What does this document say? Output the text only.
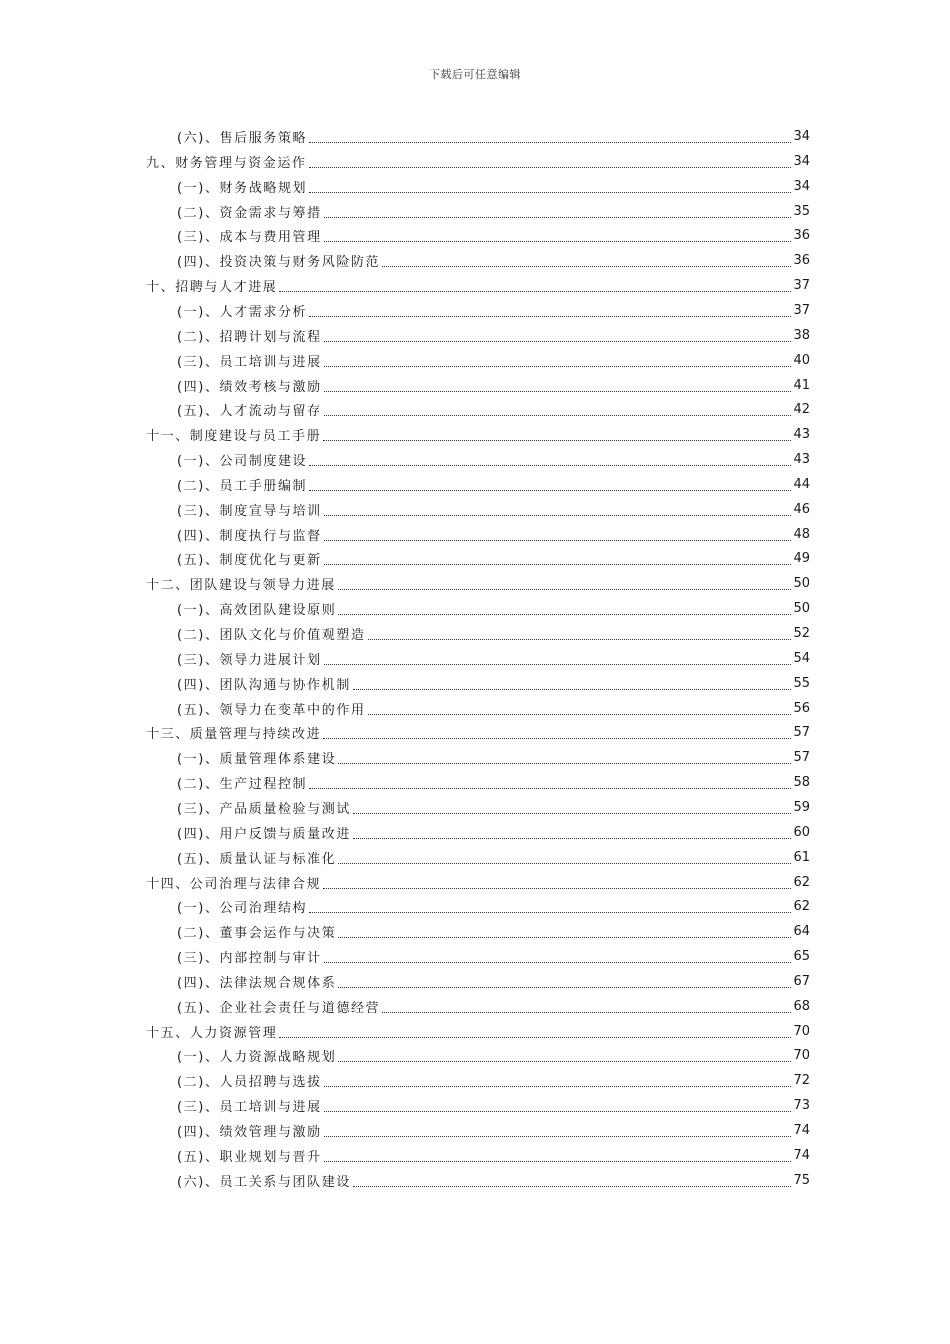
下载后可任意编辑
(六)、售后服务策略	34
九、财务管理与资金运作	34
(一)、财务战略规划	34
(二)、资金需求与筹措	35
(三)、成本与费用管理	36
(四)、投资决策与财务风险防范	36
十、招聘与人才进展	37
(一)、人才需求分析	37
(二)、招聘计划与流程	38
(三)、员工培训与进展	40
(四)、绩效考核与激励	41
(五)、人才流动与留存	42
十一、制度建设与员工手册	43
(一)、公司制度建设	43
(二)、员工手册编制	44
(三)、制度宣导与培训	46
(四)、制度执行与监督	48
(五)、制度优化与更新	49
十二、团队建设与领导力进展	50
(一)、高效团队建设原则	50
(二)、团队文化与价值观塑造	52
(三)、领导力进展计划	54
(四)、团队沟通与协作机制	55
(五)、领导力在变革中的作用	56
十三、质量管理与持续改进	57
(一)、质量管理体系建设	57
(二)、生产过程控制	58
(三)、产品质量检验与测试	59
(四)、用户反馈与质量改进	60
(五)、质量认证与标准化	61
十四、公司治理与法律合规	62
(一)、公司治理结构	62
(二)、董事会运作与决策	64
(三)、内部控制与审计	65
(四)、法律法规合规体系	67
(五)、企业社会责任与道德经营	68
十五、人力资源管理	70
(一)、人力资源战略规划	70
(二)、人员招聘与选拔	72
(三)、员工培训与进展	73
(四)、绩效管理与激励	74
(五)、职业规划与晋升	74
(六)、员工关系与团队建设	75
